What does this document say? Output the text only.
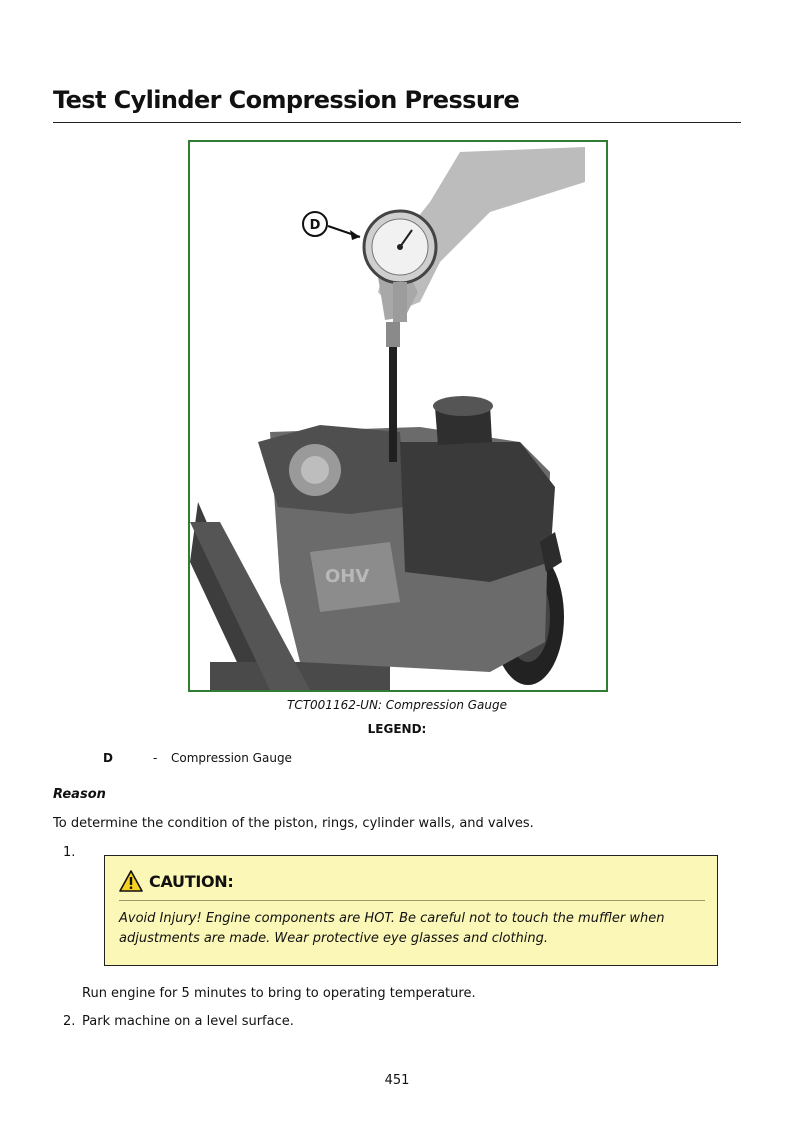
Test Cylinder Compression Pressure
OHV
D
TCT001162-UN: Compression Gauge
LEGEND:
D	- Compression Gauge
Reason
To determine the condition of the piston, rings, cylinder walls, and valves.
1.
CAUTION:
Avoid Injury! Engine components are HOT. Be careful not to touch the muffler when adjustments are made. Wear protective eye glasses and clothing.
Run engine for 5 minutes to bring to operating temperature.
2. Park machine on a level surface.
451
